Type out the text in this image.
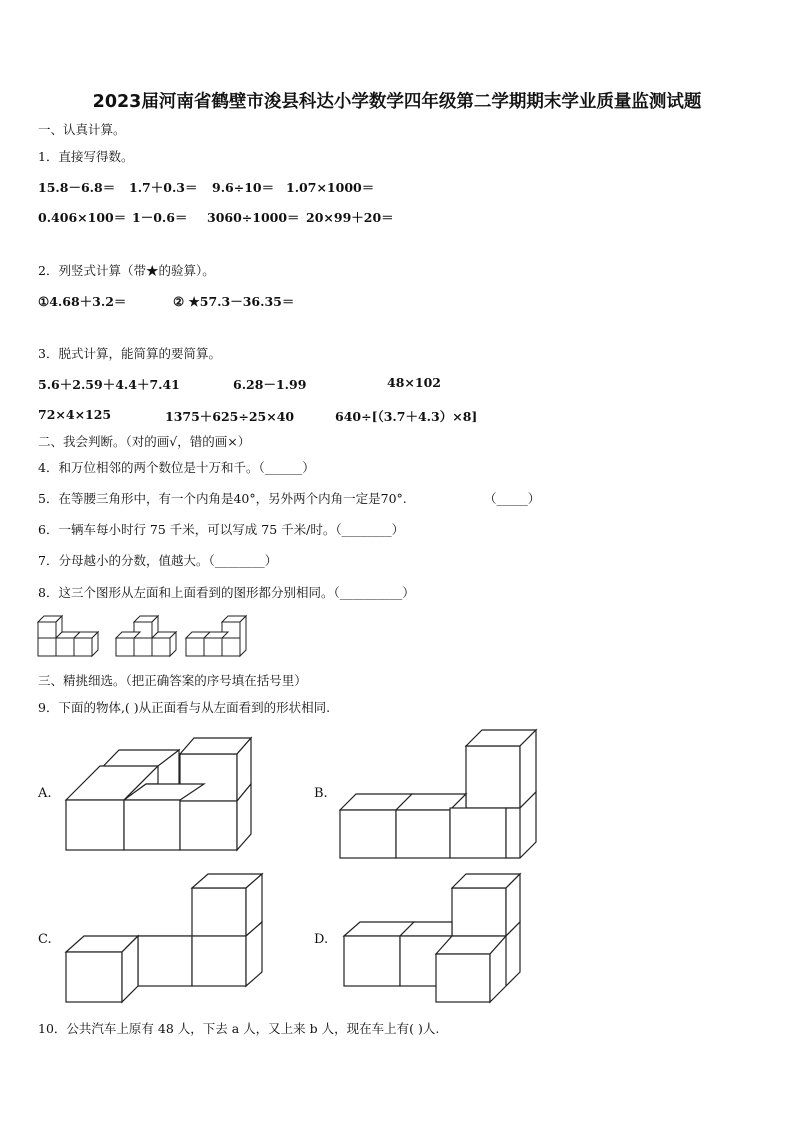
2023届河南省鹤壁市浚县科达小学数学四年级第二学期期末学业质量监测试题
一、认真计算。
1．直接写得数。
15.8－6.8＝ 1.7＋0.3＝ 9.6÷10＝ 1.07×1000＝
0.406×100＝ 1－0.6＝ 3060÷1000＝ 20×99＋20＝
2．列竖式计算（带★的验算）。
①4.68＋3.2＝	② ★57.3－36.35＝
3．脱式计算，能简算的要简算。
5.6＋2.59＋4.4＋7.41	6.28－1.99	48×102
72×4×125	1375＋625÷25×40	640÷[（3.7＋4.3）×8]
二、我会判断。（对的画√，错的画×）
4．和万位相邻的两个数位是十万和千。（______）
5．在等腰三角形中，有一个内角是40°，另外两个内角一定是70°.	（_____）
6．一辆车每小时行 75 千米，可以写成 75 千米/时。（________）
7．分母越小的分数，值越大。（________）
8．这三个图形从左面和上面看到的图形都分别相同。（__________）
三、精挑细选。（把正确答案的序号填在括号里）
9．下面的物体,( )从正面看与从左面看到的形状相同.
A.	B.
C.	D.
10．公共汽车上原有 48 人，下去 a 人，又上来 b 人，现在车上有( )人.
